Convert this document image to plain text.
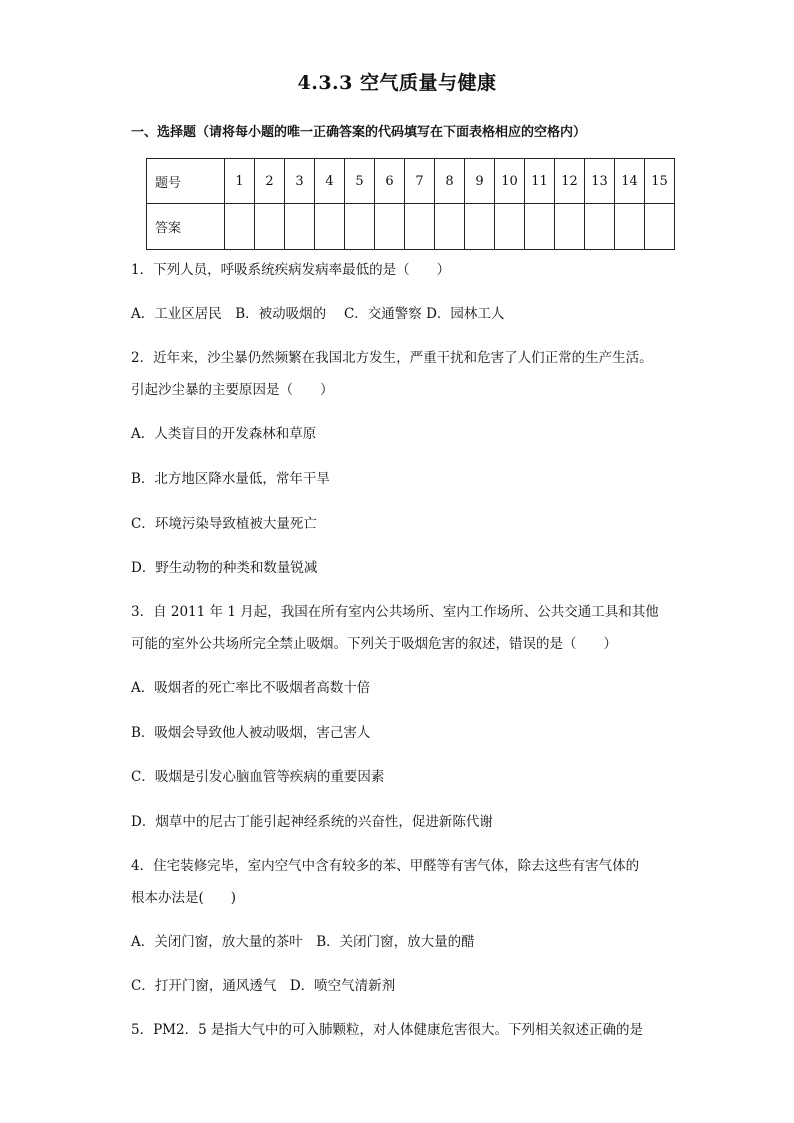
4.3.3 空气质量与健康
一、选择题（请将每小题的唯一正确答案的代码填写在下面表格相应的空格内）
题号	1	2	3	4	5	6	7	8	9	10	11	12	13	14	15
答案															
1．下列人员，呼吸系统疾病发病率最低的是（　　）
A．工业区居民　B．被动吸烟的　 C．交通警察 D．园林工人
2．近年来，沙尘暴仍然频繁在我国北方发生，严重干扰和危害了人们正常的生产生活。
引起沙尘暴的主要原因是（　　）
A．人类盲目的开发森林和草原
B．北方地区降水量低，常年干旱
C．环境污染导致植被大量死亡
D．野生动物的种类和数量锐减
3．自 2011 年 1 月起，我国在所有室内公共场所、室内工作场所、公共交通工具和其他
可能的室外公共场所完全禁止吸烟。下列关于吸烟危害的叙述，错误的是（　　）
A．吸烟者的死亡率比不吸烟者高数十倍
B．吸烟会导致他人被动吸烟，害己害人
C．吸烟是引发心脑血管等疾病的重要因素
D．烟草中的尼古丁能引起神经系统的兴奋性，促进新陈代谢
4．住宅装修完毕，室内空气中含有较多的苯、甲醛等有害气体，除去这些有害气体的
根本办法是(　　)
A．关闭门窗，放大量的茶叶　B．关闭门窗，放大量的醋
C．打开门窗，通风透气　D．喷空气清新剂
5．PM2．5 是指大气中的可入肺颗粒，对人体健康危害很大。下列相关叙述正确的是
